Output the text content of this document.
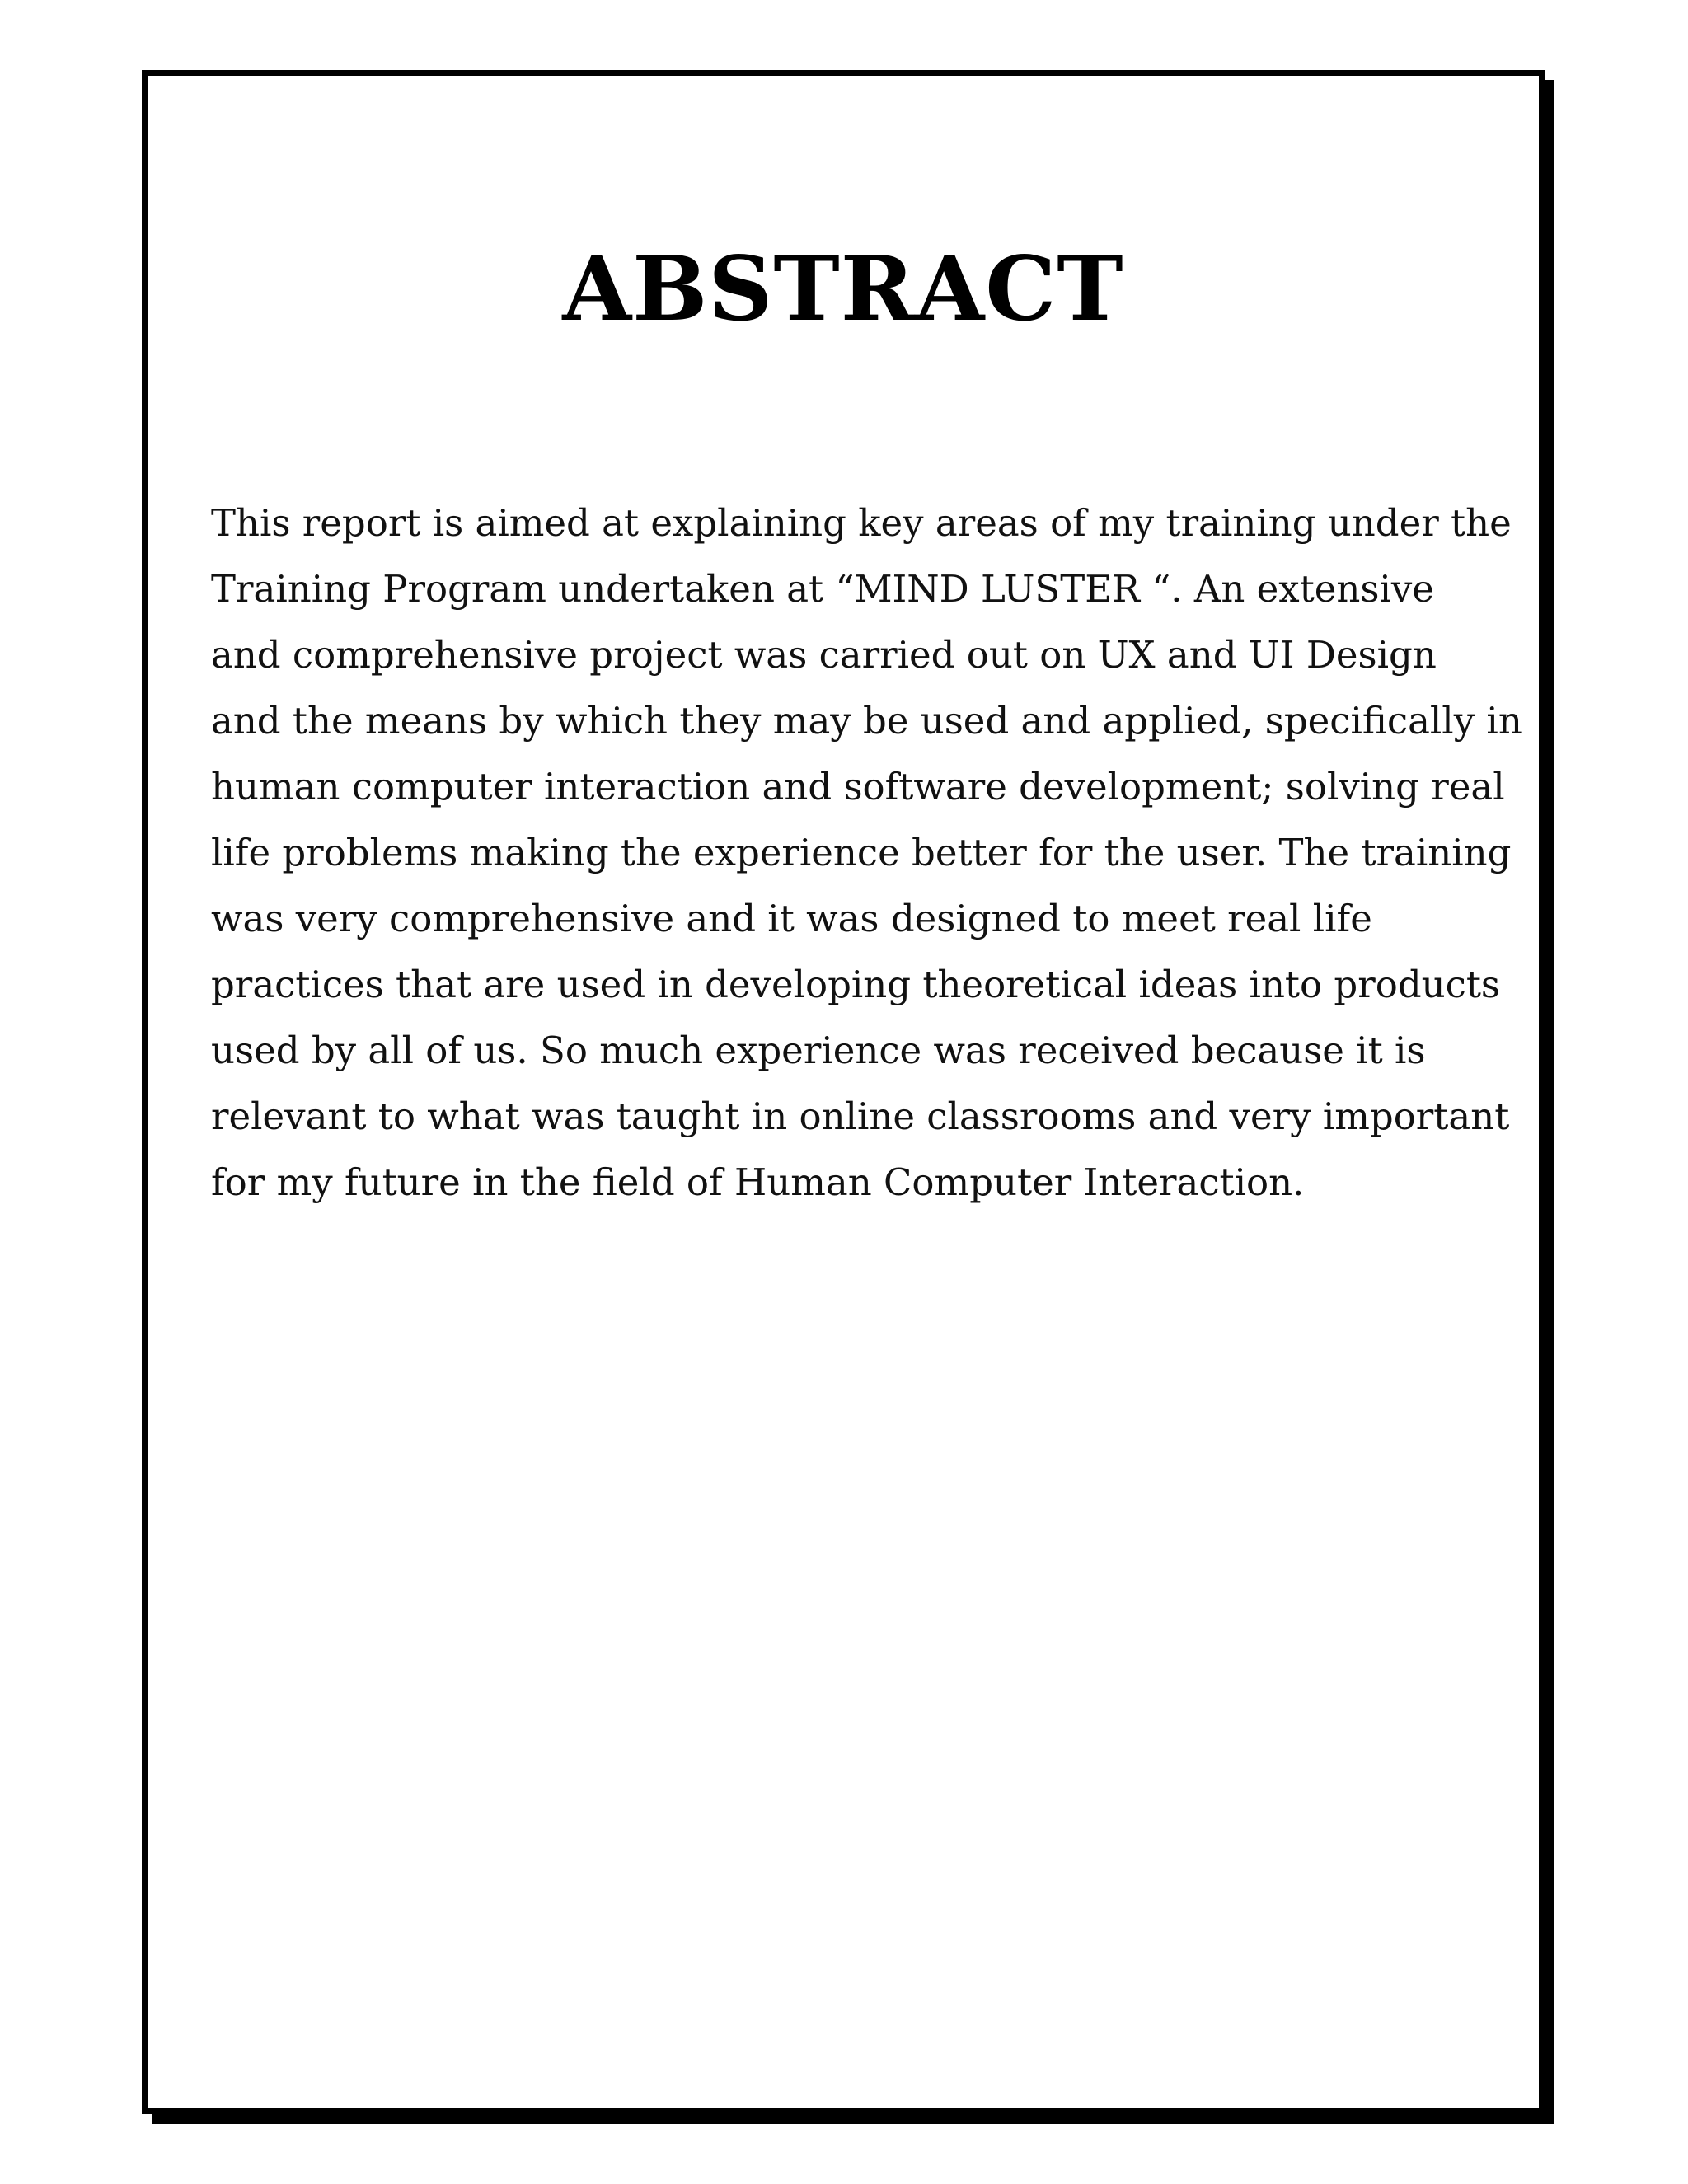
ABSTRACT

This report is aimed at explaining key areas of my training under the
Training Program undertaken at “MIND LUSTER “. An extensive
and comprehensive project was carried out on UX and UI Design
and the means by which they may be used and applied, specifically in
human computer interaction and software development; solving real
life problems making the experience better for the user. The training
was very comprehensive and it was designed to meet real life
practices that are used in developing theoretical ideas into products
used by all of us. So much experience was received because it is
relevant to what was taught in online classrooms and very important
for my future in the field of Human Computer Interaction.
